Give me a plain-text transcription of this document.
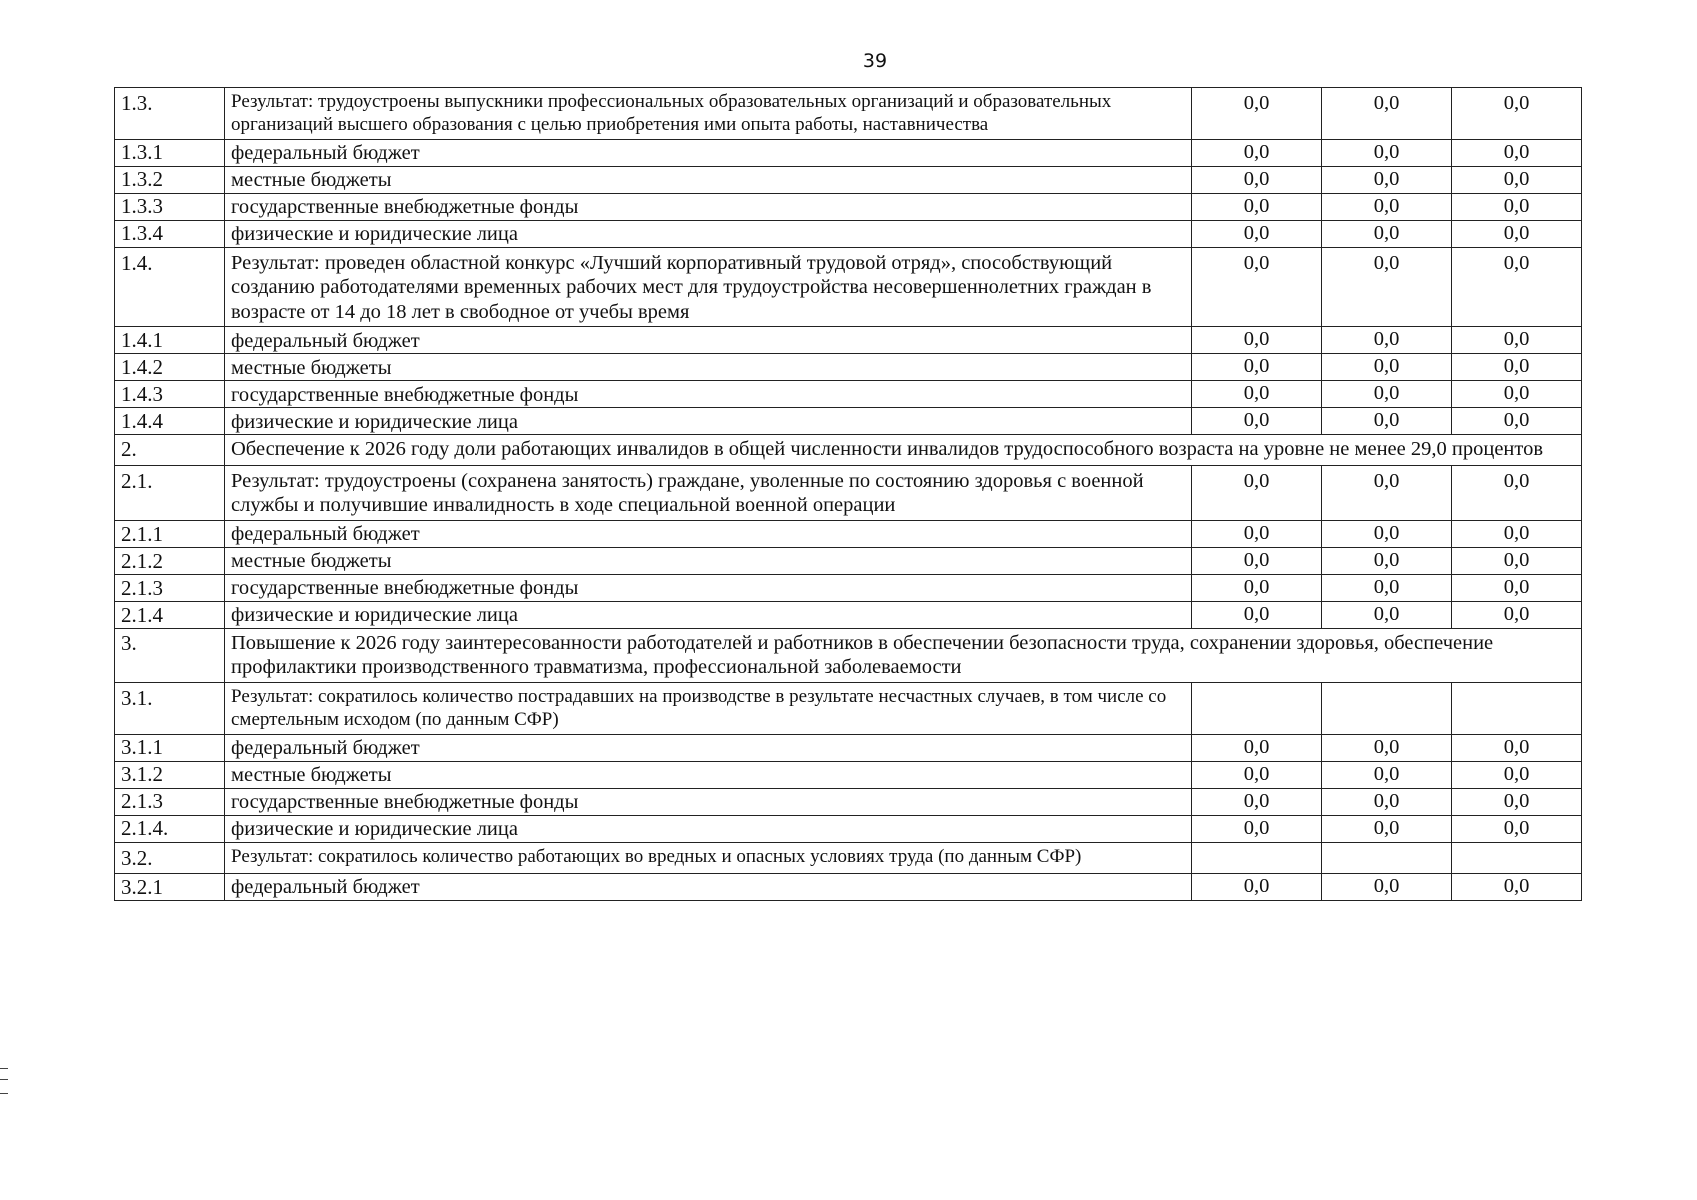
39
1.3.	Результат: трудоустроены выпускники профессиональных образовательных организаций и образовательных организаций высшего образования с целью приобретения ими опыта работы, наставничества	0,0	0,0	0,0
1.3.1	федеральный бюджет	0,0	0,0	0,0
1.3.2	местные бюджеты	0,0	0,0	0,0
1.3.3	государственные внебюджетные фонды	0,0	0,0	0,0
1.3.4	физические и юридические лица	0,0	0,0	0,0
1.4.	Результат: проведен областной конкурс «Лучший корпоративный трудовой отряд», способствующий созданию работодателями временных рабочих мест для трудоустройства несовершеннолетних граждан в возрасте от 14 до 18 лет в свободное от учебы время	0,0	0,0	0,0
1.4.1	федеральный бюджет	0,0	0,0	0,0
1.4.2	местные бюджеты	0,0	0,0	0,0
1.4.3	государственные внебюджетные фонды	0,0	0,0	0,0
1.4.4	физические и юридические лица	0,0	0,0	0,0
2.	Обеспечение к 2026 году доли работающих инвалидов в общей численности инвалидов трудоспособного возраста на уровне не менее 29,0 процентов			
2.1.	Результат: трудоустроены (сохранена занятость) граждане, уволенные по состоянию здоровья с военной службы и получившие инвалидность в ходе специальной военной операции	0,0	0,0	0,0
2.1.1	федеральный бюджет	0,0	0,0	0,0
2.1.2	местные бюджеты	0,0	0,0	0,0
2.1.3	государственные внебюджетные фонды	0,0	0,0	0,0
2.1.4	физические и юридические лица	0,0	0,0	0,0
3.	Повышение к 2026 году заинтересованности работодателей и работников в обеспечении безопасности труда, сохранении здоровья, обеспечение профилактики производственного травматизма, профессиональной заболеваемости			
3.1.	Результат: сократилось количество пострадавших на производстве в результате несчастных случаев, в том числе со смертельным исходом (по данным СФР)			
3.1.1	федеральный бюджет	0,0	0,0	0,0
3.1.2	местные бюджеты	0,0	0,0	0,0
2.1.3	государственные внебюджетные фонды	0,0	0,0	0,0
2.1.4.	физические и юридические лица	0,0	0,0	0,0
3.2.	Результат: сократилось количество работающих во вредных и опасных условиях труда (по данным СФР)			
3.2.1	федеральный бюджет	0,0	0,0	0,0
